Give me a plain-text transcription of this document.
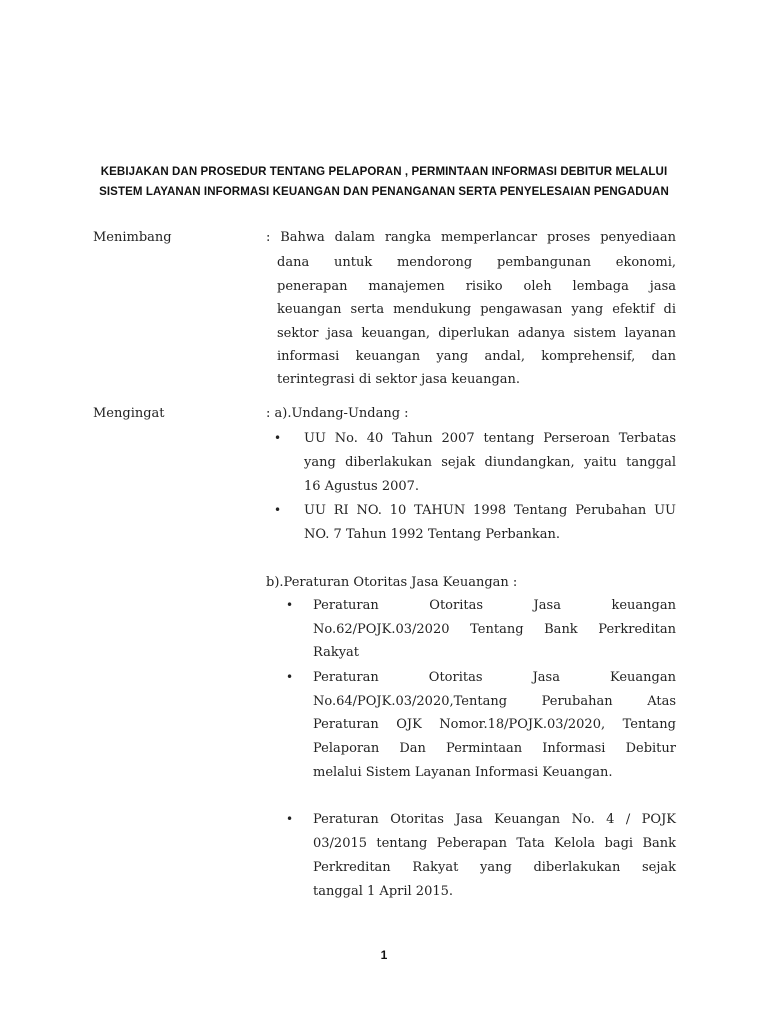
KEBIJAKAN DAN PROSEDUR TENTANG PELAPORAN , PERMINTAAN INFORMASI DEBITUR MELALUI
SISTEM LAYANAN INFORMASI KEUANGAN DAN PENANGANAN SERTA PENYELESAIAN PENGADUAN
Menimbang	: Bahwa dalam rangka memperlancar proses penyediaan
dana untuk mendorong pembangunan ekonomi,
penerapan manajemen risiko oleh lembaga jasa
keuangan serta mendukung pengawasan yang efektif di
sektor jasa keuangan, diperlukan adanya sistem layanan
informasi keuangan yang andal, komprehensif, dan
terintegrasi di sektor jasa keuangan.
Mengingat	: a).Undang-Undang :
• UU No. 40 Tahun 2007 tentang Perseroan Terbatas
yang diberlakukan sejak diundangkan, yaitu tanggal
16 Agustus 2007.
• UU RI NO. 10 TAHUN 1998 Tentang Perubahan UU
NO. 7 Tahun 1992 Tentang Perbankan.
b).Peraturan Otoritas Jasa Keuangan :
• Peraturan Otoritas Jasa keuangan
No.62/POJK.03/2020 Tentang Bank Perkreditan
Rakyat
• Peraturan Otoritas Jasa Keuangan
No.64/POJK.03/2020,Tentang Perubahan Atas
Peraturan OJK Nomor.18/POJK.03/2020, Tentang
Pelaporan Dan Permintaan Informasi Debitur
melalui Sistem Layanan Informasi Keuangan.
• Peraturan Otoritas Jasa Keuangan No. 4 / POJK
03/2015 tentang Peberapan Tata Kelola bagi Bank
Perkreditan Rakyat yang diberlakukan sejak
tanggal 1 April 2015.
1
